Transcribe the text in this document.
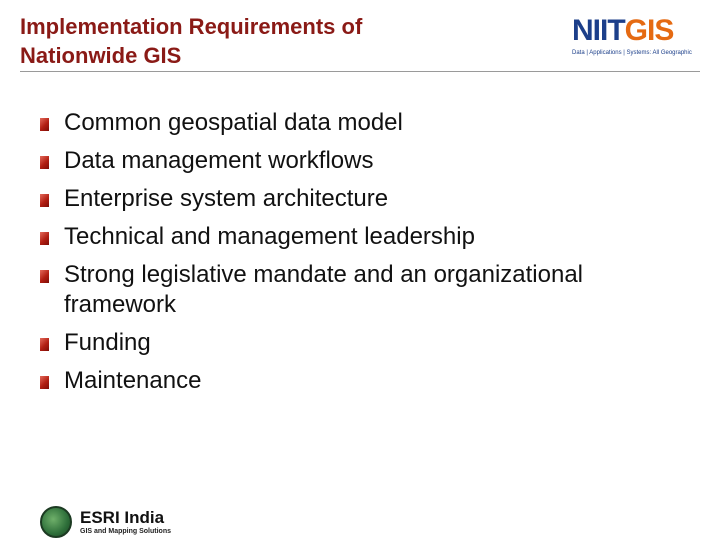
Implementation Requirements of
Nationwide GIS
NIITGIS
Data | Applications | Systems: All Geographic
Common geospatial data model
Data management workflows
Enterprise system architecture
Technical and management leadership
Strong legislative mandate and an organizational framework
Funding
Maintenance
ESRI India
GIS and Mapping Solutions
